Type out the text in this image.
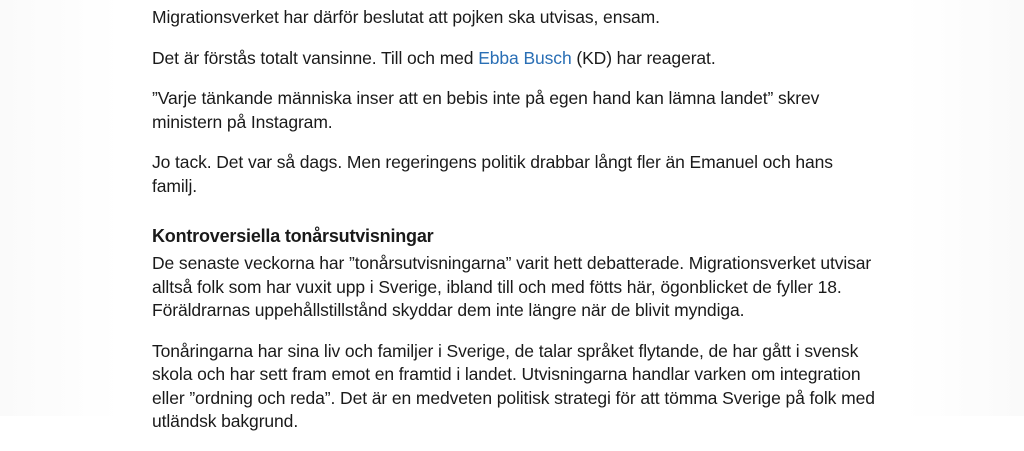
Migrationsverket har därför beslutat att pojken ska utvisas, ensam.

Det är förstås totalt vansinne. Till och med Ebba Busch (KD) har reagerat.

”Varje tänkande människa inser att en bebis inte på egen hand kan lämna landet” skrev ministern på Instagram.

Jo tack. Det var så dags. Men regeringens politik drabbar långt fler än Emanuel och hans familj.

Kontroversiella tonårsutvisningar

De senaste veckorna har ”tonårsutvisningarna” varit hett debatterade. Migrationsverket utvisar alltså folk som har vuxit upp i Sverige, ibland till och med fötts här, ögonblicket de fyller 18. Föräldrarnas uppehållstillstånd skyddar dem inte längre när de blivit myndiga.

Tonåringarna har sina liv och familjer i Sverige, de talar språket flytande, de har gått i svensk skola och har sett fram emot en framtid i landet. Utvisningarna handlar varken om integration eller ”ordning och reda”. Det är en medveten politisk strategi för att tömma Sverige på folk med utländsk bakgrund.
